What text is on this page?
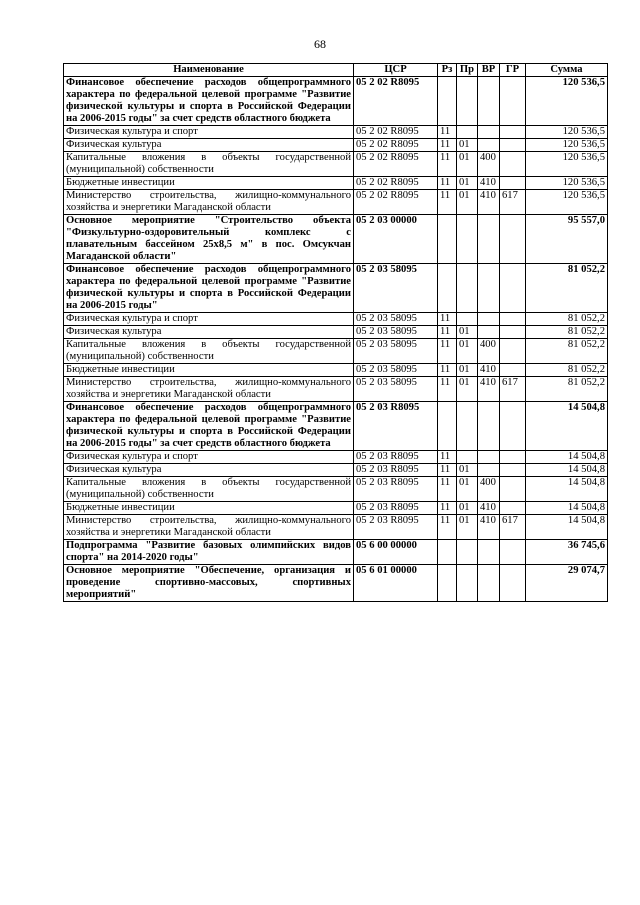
68
Наименование	ЦСР	Рз	Пр	ВР	ГР	Сумма
Финансовое обеспечение расходов общепрограммного характера по федеральной целевой программе "Развитие физической культуры и спорта в Российской Федерации на 2006-2015 годы" за счет средств областного бюджета	05 2 02 R8095					120 536,5
Физическая культура и спорт	05 2 02 R8095	11				120 536,5
Физическая культура	05 2 02 R8095	11	01			120 536,5
Капитальные вложения в объекты государственной (муниципальной) собственности	05 2 02 R8095	11	01	400		120 536,5
Бюджетные инвестиции	05 2 02 R8095	11	01	410		120 536,5
Министерство строительства, жилищно-коммунального хозяйства и энергетики Магаданской области	05 2 02 R8095	11	01	410	617	120 536,5
Основное мероприятие "Строительство объекта "Физкультурно-оздоровительный комплекс с плавательным бассейном 25х8,5 м" в пос. Омсукчан Магаданской области"	05 2 03 00000					95 557,0
Финансовое обеспечение расходов общепрограммного характера по федеральной целевой программе "Развитие физической культуры и спорта в Российской Федерации на 2006-2015 годы"	05 2 03 58095					81 052,2
Физическая культура и спорт	05 2 03 58095	11				81 052,2
Физическая культура	05 2 03 58095	11	01			81 052,2
Капитальные вложения в объекты государственной (муниципальной) собственности	05 2 03 58095	11	01	400		81 052,2
Бюджетные инвестиции	05 2 03 58095	11	01	410		81 052,2
Министерство строительства, жилищно-коммунального хозяйства и энергетики Магаданской области	05 2 03 58095	11	01	410	617	81 052,2
Финансовое обеспечение расходов общепрограммного характера по федеральной целевой программе "Развитие физической культуры и спорта в Российской Федерации на 2006-2015 годы" за счет средств областного бюджета	05 2 03 R8095					14 504,8
Физическая культура и спорт	05 2 03 R8095	11				14 504,8
Физическая культура	05 2 03 R8095	11	01			14 504,8
Капитальные вложения в объекты государственной (муниципальной) собственности	05 2 03 R8095	11	01	400		14 504,8
Бюджетные инвестиции	05 2 03 R8095	11	01	410		14 504,8
Министерство строительства, жилищно-коммунального хозяйства и энергетики Магаданской области	05 2 03 R8095	11	01	410	617	14 504,8
Подпрограмма "Развитие базовых олимпийских видов спорта" на 2014-2020 годы"	05 6 00 00000					36 745,6
Основное мероприятие "Обеспечение, организация и проведение спортивно-массовых, спортивных мероприятий"	05 6 01 00000					29 074,7
